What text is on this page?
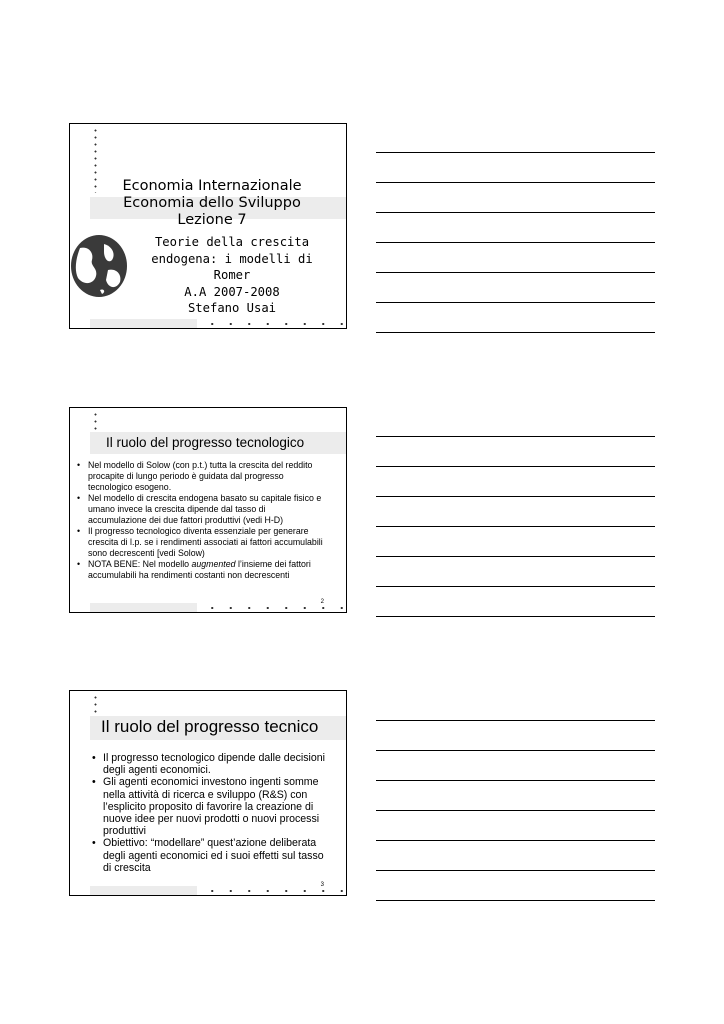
Economia Internazionale
Economia dello Sviluppo
Lezione 7
Teorie della crescita
endogena: i modelli di Romer
A.A 2007-2008
Stefano Usai
Il ruolo del progresso tecnologico
• Nel modello di Solow (con p.t.) tutta la crescita del reddito procapite di lungo periodo è guidata dal progresso tecnologico esogeno.
• Nel modello di crescita endogena basato su capitale fisico e umano invece la crescita dipende dal tasso di accumulazione dei due fattori produttivi (vedi H-D)
• Il progresso tecnologico diventa essenziale per generare crescita di l.p. se i rendimenti associati ai fattori accumulabili sono decrescenti [vedi Solow)
• NOTA BENE: Nel modello augmented l’insieme dei fattori accumulabili ha rendimenti costanti non decrescenti
2
Il ruolo del progresso tecnico
• Il progresso tecnologico dipende dalle decisioni degli agenti economici.
• Gli agenti economici investono ingenti somme nella attività di ricerca e sviluppo (R&S) con l’esplicito proposito di favorire la creazione di nuove idee per nuovi prodotti o nuovi processi produttivi
• Obiettivo: “modellare” quest’azione deliberata degli agenti economici ed i suoi effetti sul tasso di crescita
3
